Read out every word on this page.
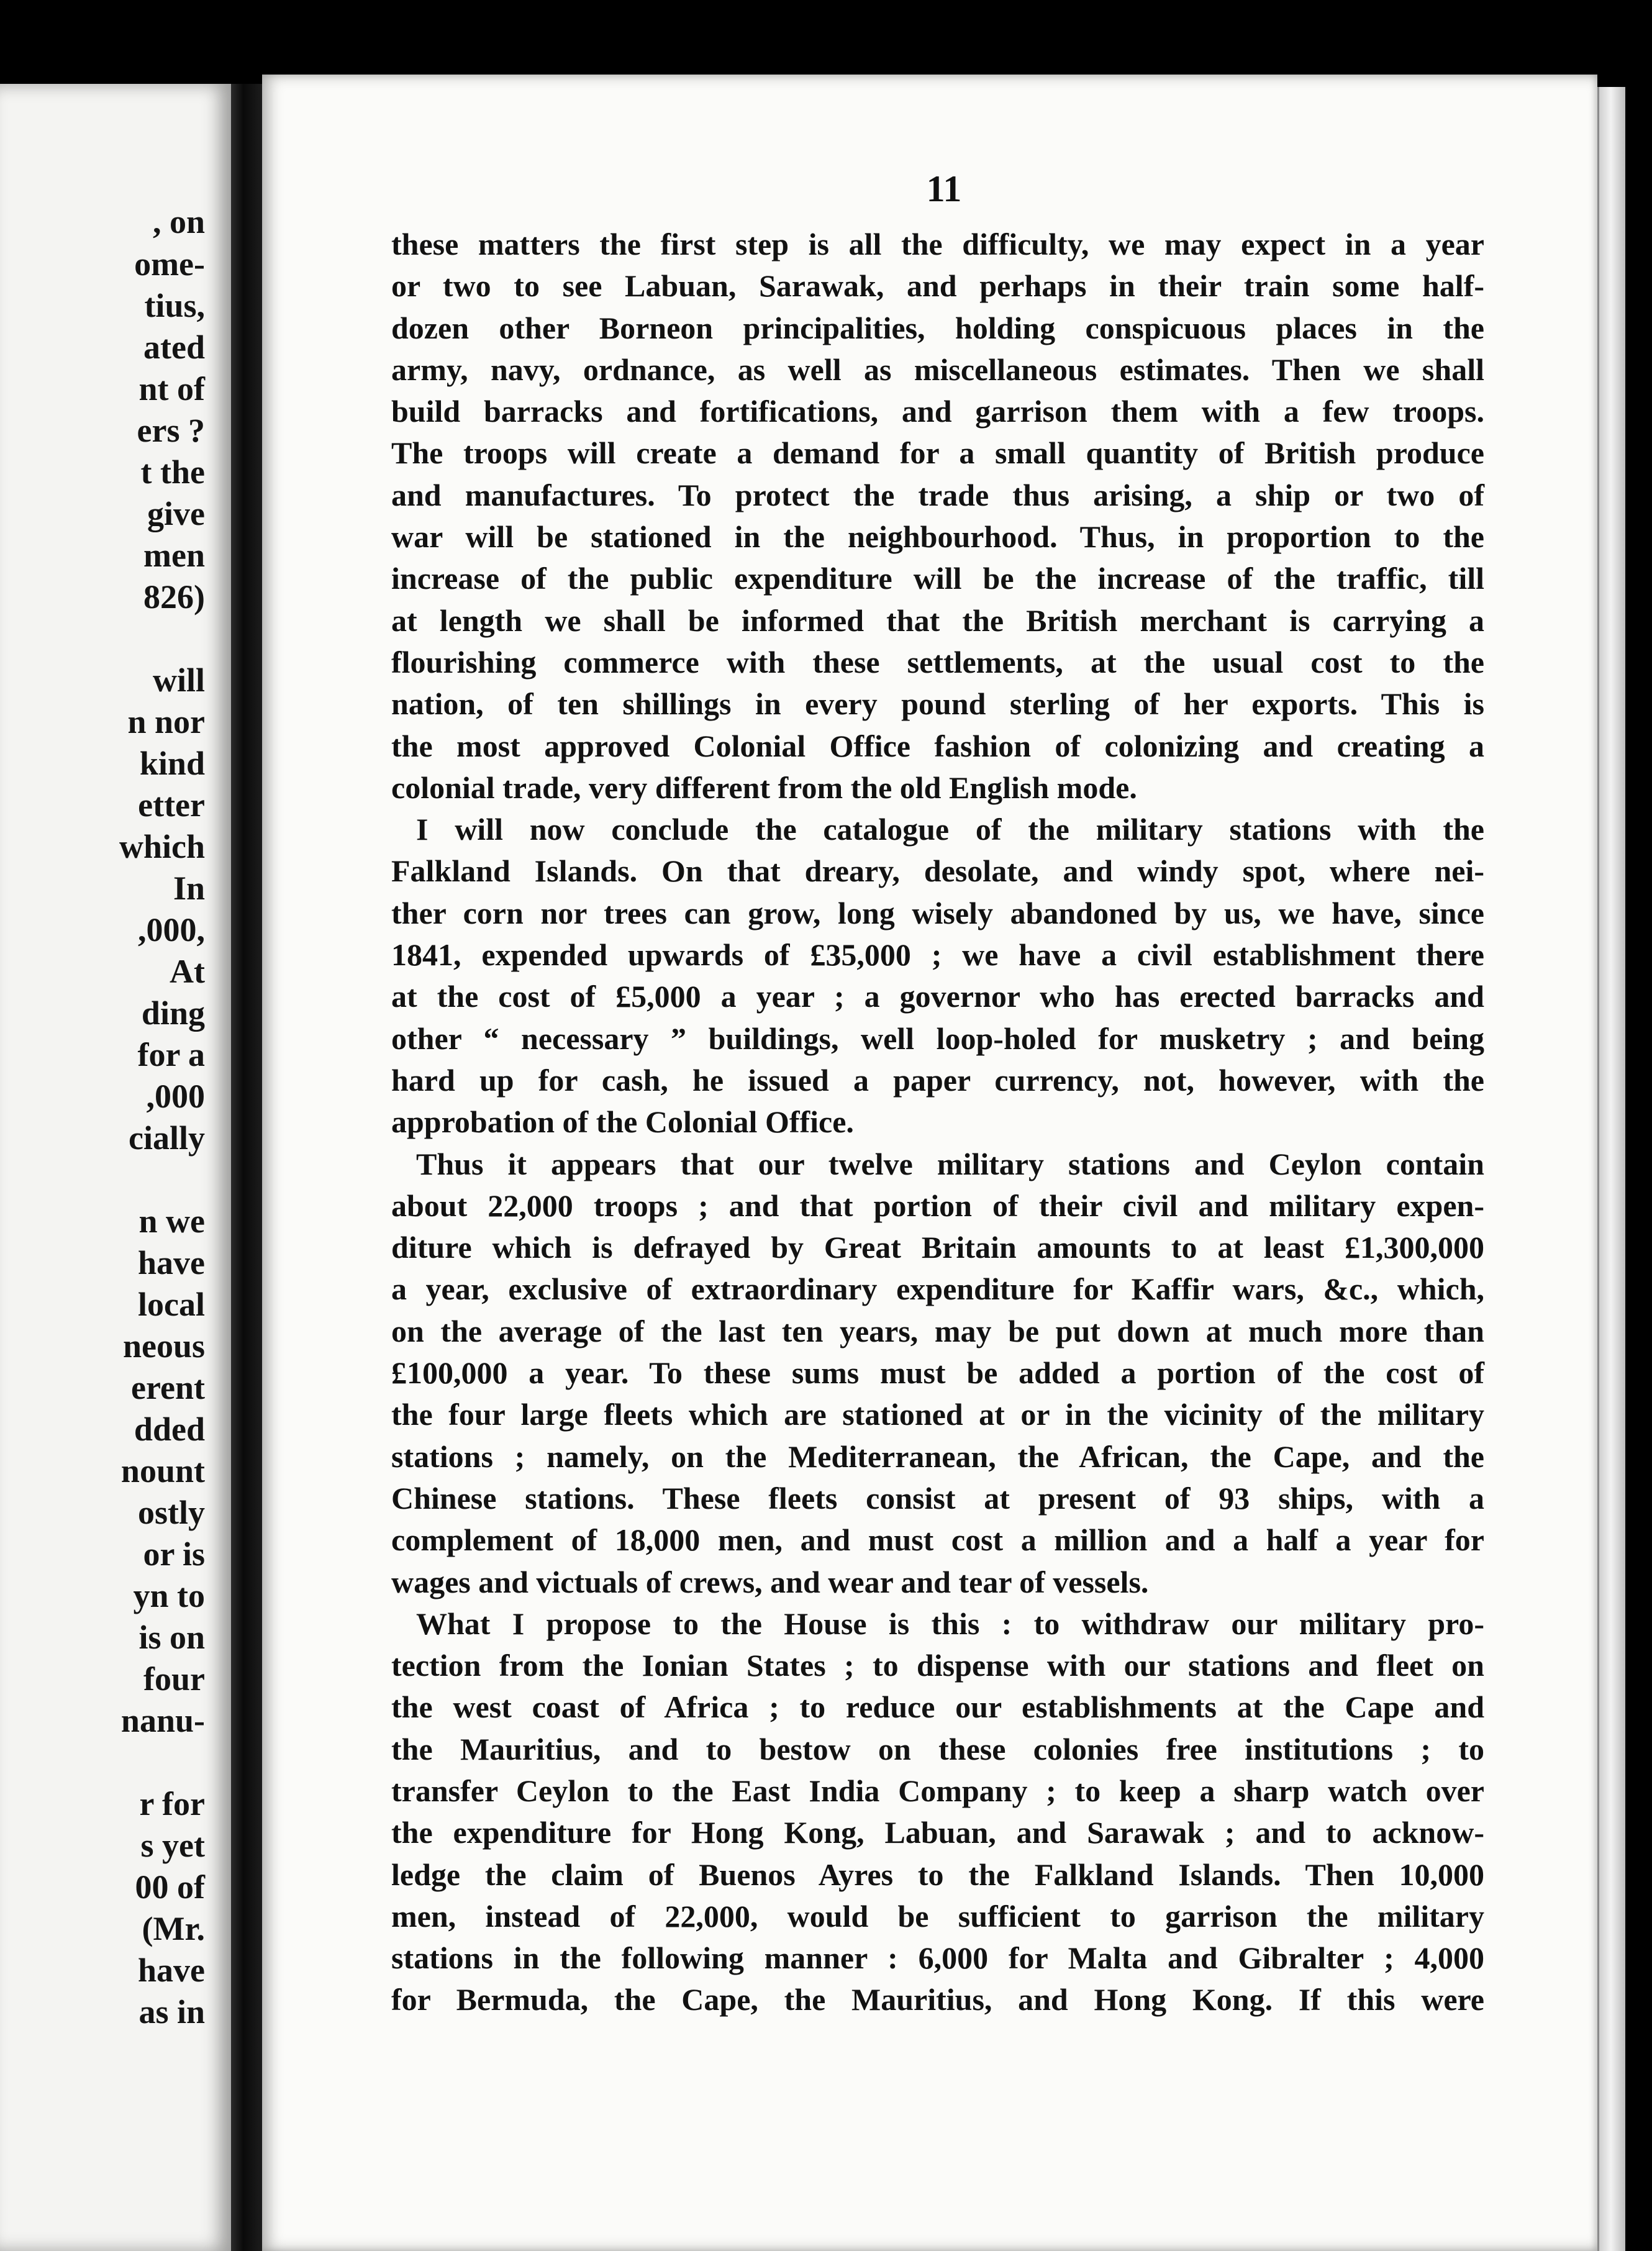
, on
ome-
tius,
ated
nt of
ers ?
t the
give
men
826)
will
n nor
kind
etter
which
In
,000,
At
ding
for a
,000
cially
n we
have
local
neous
erent
dded
nount
ostly
or is
yn to
is on
four
nanu-
r for
s yet
00 of
(Mr.
have
as in
11
these matters the first step is all the difficulty, we may expect in a year
or two to see Labuan, Sarawak, and perhaps in their train some half-
dozen other Borneon principalities, holding conspicuous places in the
army, navy, ordnance, as well as miscellaneous estimates. Then we shall
build barracks and fortifications, and garrison them with a few troops.
The troops will create a demand for a small quantity of British produce
and manufactures. To protect the trade thus arising, a ship or two of
war will be stationed in the neighbourhood. Thus, in proportion to the
increase of the public expenditure will be the increase of the traffic, till
at length we shall be informed that the British merchant is carrying a
flourishing commerce with these settlements, at the usual cost to the
nation, of ten shillings in every pound sterling of her exports. This is
the most approved Colonial Office fashion of colonizing and creating a
colonial trade, very different from the old English mode.
I will now conclude the catalogue of the military stations with the
Falkland Islands. On that dreary, desolate, and windy spot, where nei-
ther corn nor trees can grow, long wisely abandoned by us, we have, since
1841, expended upwards of £35,000 ; we have a civil establishment there
at the cost of £5,000 a year ; a governor who has erected barracks and
other “ necessary ” buildings, well loop-holed for musketry ; and being
hard up for cash, he issued a paper currency, not, however, with the
approbation of the Colonial Office.
Thus it appears that our twelve military stations and Ceylon contain
about 22,000 troops ; and that portion of their civil and military expen-
diture which is defrayed by Great Britain amounts to at least £1,300,000
a year, exclusive of extraordinary expenditure for Kaffir wars, &c., which,
on the average of the last ten years, may be put down at much more than
£100,000 a year. To these sums must be added a portion of the cost of
the four large fleets which are stationed at or in the vicinity of the military
stations ; namely, on the Mediterranean, the African, the Cape, and the
Chinese stations. These fleets consist at present of 93 ships, with a
complement of 18,000 men, and must cost a million and a half a year for
wages and victuals of crews, and wear and tear of vessels.
What I propose to the House is this : to withdraw our military pro-
tection from the Ionian States ; to dispense with our stations and fleet on
the west coast of Africa ; to reduce our establishments at the Cape and
the Mauritius, and to bestow on these colonies free institutions ; to
transfer Ceylon to the East India Company ; to keep a sharp watch over
the expenditure for Hong Kong, Labuan, and Sarawak ; and to acknow-
ledge the claim of Buenos Ayres to the Falkland Islands. Then 10,000
men, instead of 22,000, would be sufficient to garrison the military
stations in the following manner : 6,000 for Malta and Gibralter ; 4,000
for Bermuda, the Cape, the Mauritius, and Hong Kong. If this were
